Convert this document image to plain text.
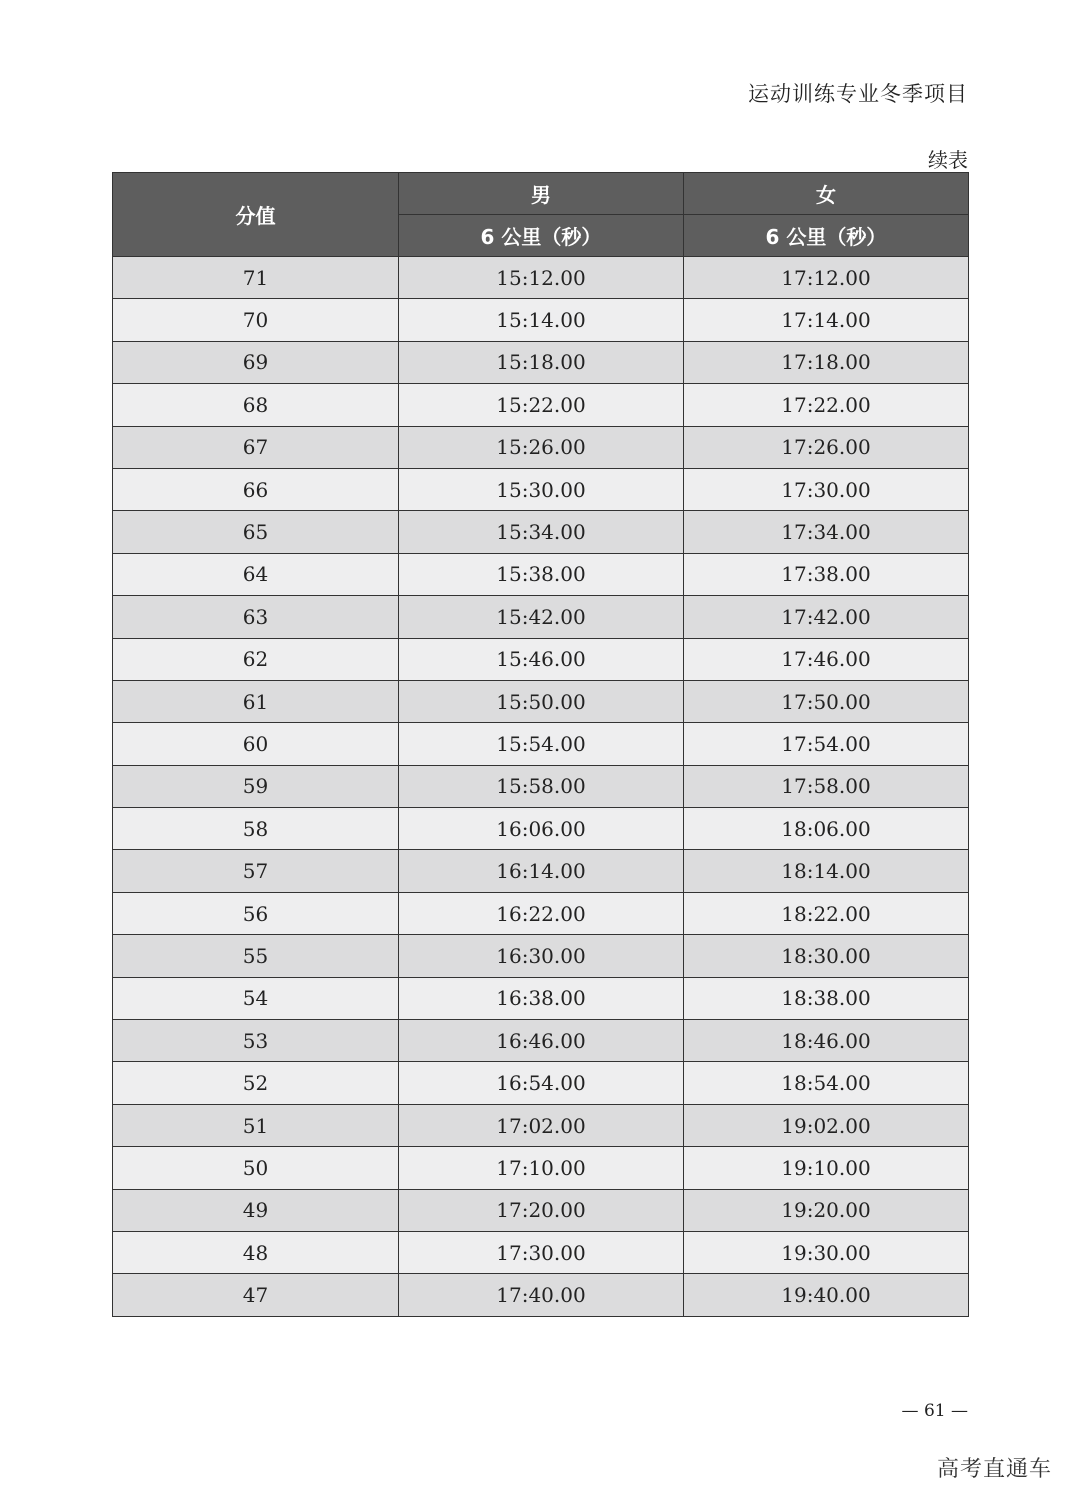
运动训练专业冬季项目
续表
分值	男	女
	6 公里（秒）	6 公里（秒）
71	15:12.00	17:12.00
70	15:14.00	17:14.00
69	15:18.00	17:18.00
68	15:22.00	17:22.00
67	15:26.00	17:26.00
66	15:30.00	17:30.00
65	15:34.00	17:34.00
64	15:38.00	17:38.00
63	15:42.00	17:42.00
62	15:46.00	17:46.00
61	15:50.00	17:50.00
60	15:54.00	17:54.00
59	15:58.00	17:58.00
58	16:06.00	18:06.00
57	16:14.00	18:14.00
56	16:22.00	18:22.00
55	16:30.00	18:30.00
54	16:38.00	18:38.00
53	16:46.00	18:46.00
52	16:54.00	18:54.00
51	17:02.00	19:02.00
50	17:10.00	19:10.00
49	17:20.00	19:20.00
48	17:30.00	19:30.00
47	17:40.00	19:40.00
— 61 —
高考直通车
